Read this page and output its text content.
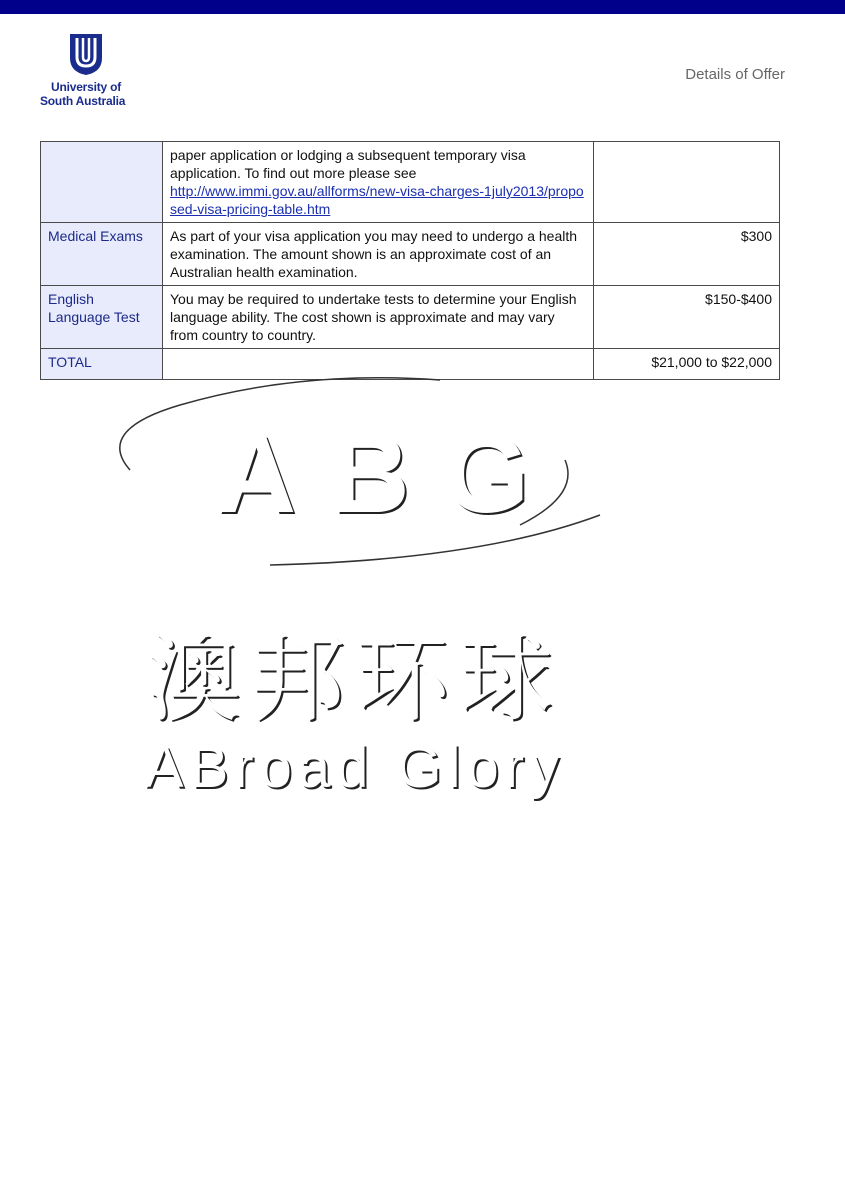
University of
South Australia
Details of Offer
	paper application or lodging a subsequent temporary visa application. To find out more please see
http://www.immi.gov.au/allforms/new-visa-charges-1july2013/proposed-visa-pricing-table.htm	
Medical Exams	As part of your visa application you may need to undergo a health examination. The amount shown is an approximate cost of an Australian health examination.	$300
English Language Test	You may be required to undertake tests to determine your English language ability. The cost shown is approximate and may vary from country to country.	$150-$400
TOTAL		$21,000 to $22,000
ABG
澳邦环球
ABroad Glory
